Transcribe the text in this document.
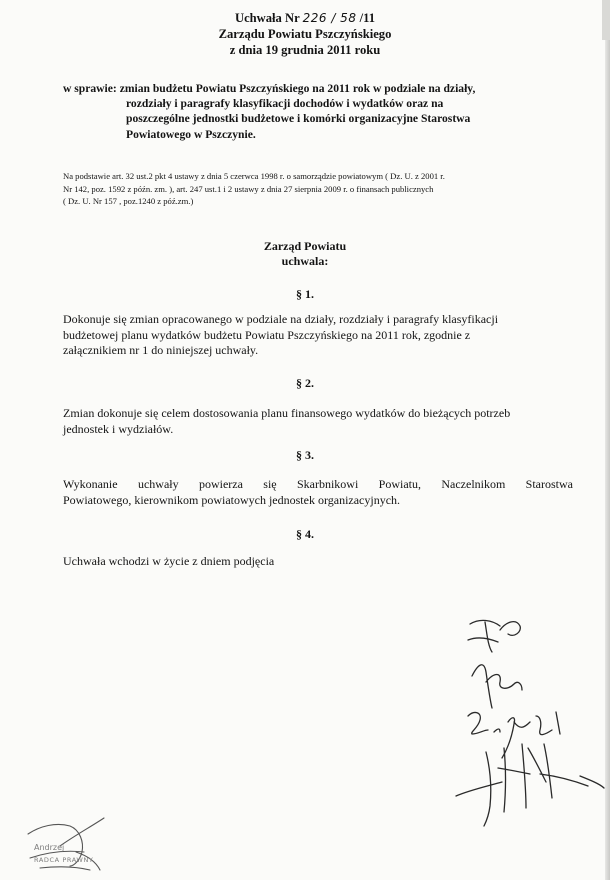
Uchwała Nr 226 / 58 /11
Zarządu Powiatu Pszczyńskiego
z dnia 19 grudnia 2011 roku
w sprawie: zmian budżetu Powiatu Pszczyńskiego na 2011 rok w podziale na działy,
rozdziały i paragrafy klasyfikacji dochodów i wydatków oraz na
poszczególne jednostki budżetowe i komórki organizacyjne Starostwa
Powiatowego w Pszczynie.
Na podstawie art. 32 ust.2 pkt 4 ustawy z dnia 5 czerwca 1998 r. o samorządzie powiatowym ( Dz. U. z 2001 r.
Nr 142, poz. 1592 z późn. zm. ), art. 247 ust.1 i 2 ustawy z dnia 27 sierpnia 2009 r. o finansach publicznych
( Dz. U. Nr 157 , poz.1240 z póź.zm.)
Zarząd Powiatu
uchwala:
§ 1.
Dokonuje się zmian opracowanego w podziale na działy, rozdziały i paragrafy klasyfikacji
budżetowej planu wydatków budżetu Powiatu Pszczyńskiego na 2011 rok, zgodnie z
załącznikiem nr 1 do niniejszej uchwały.
§ 2.
Zmian dokonuje się celem dostosowania planu finansowego wydatków do bieżących potrzeb
jednostek i wydziałów.
§ 3.
Wykonanie uchwały powierza się Skarbnikowi Powiatu, Naczelnikom Starostwa
Powiatowego, kierownikom powiatowych jednostek organizacyjnych.
§ 4.
Uchwała wchodzi w życie z dniem podjęcia
Andrzej
RADCA PRAWNY
